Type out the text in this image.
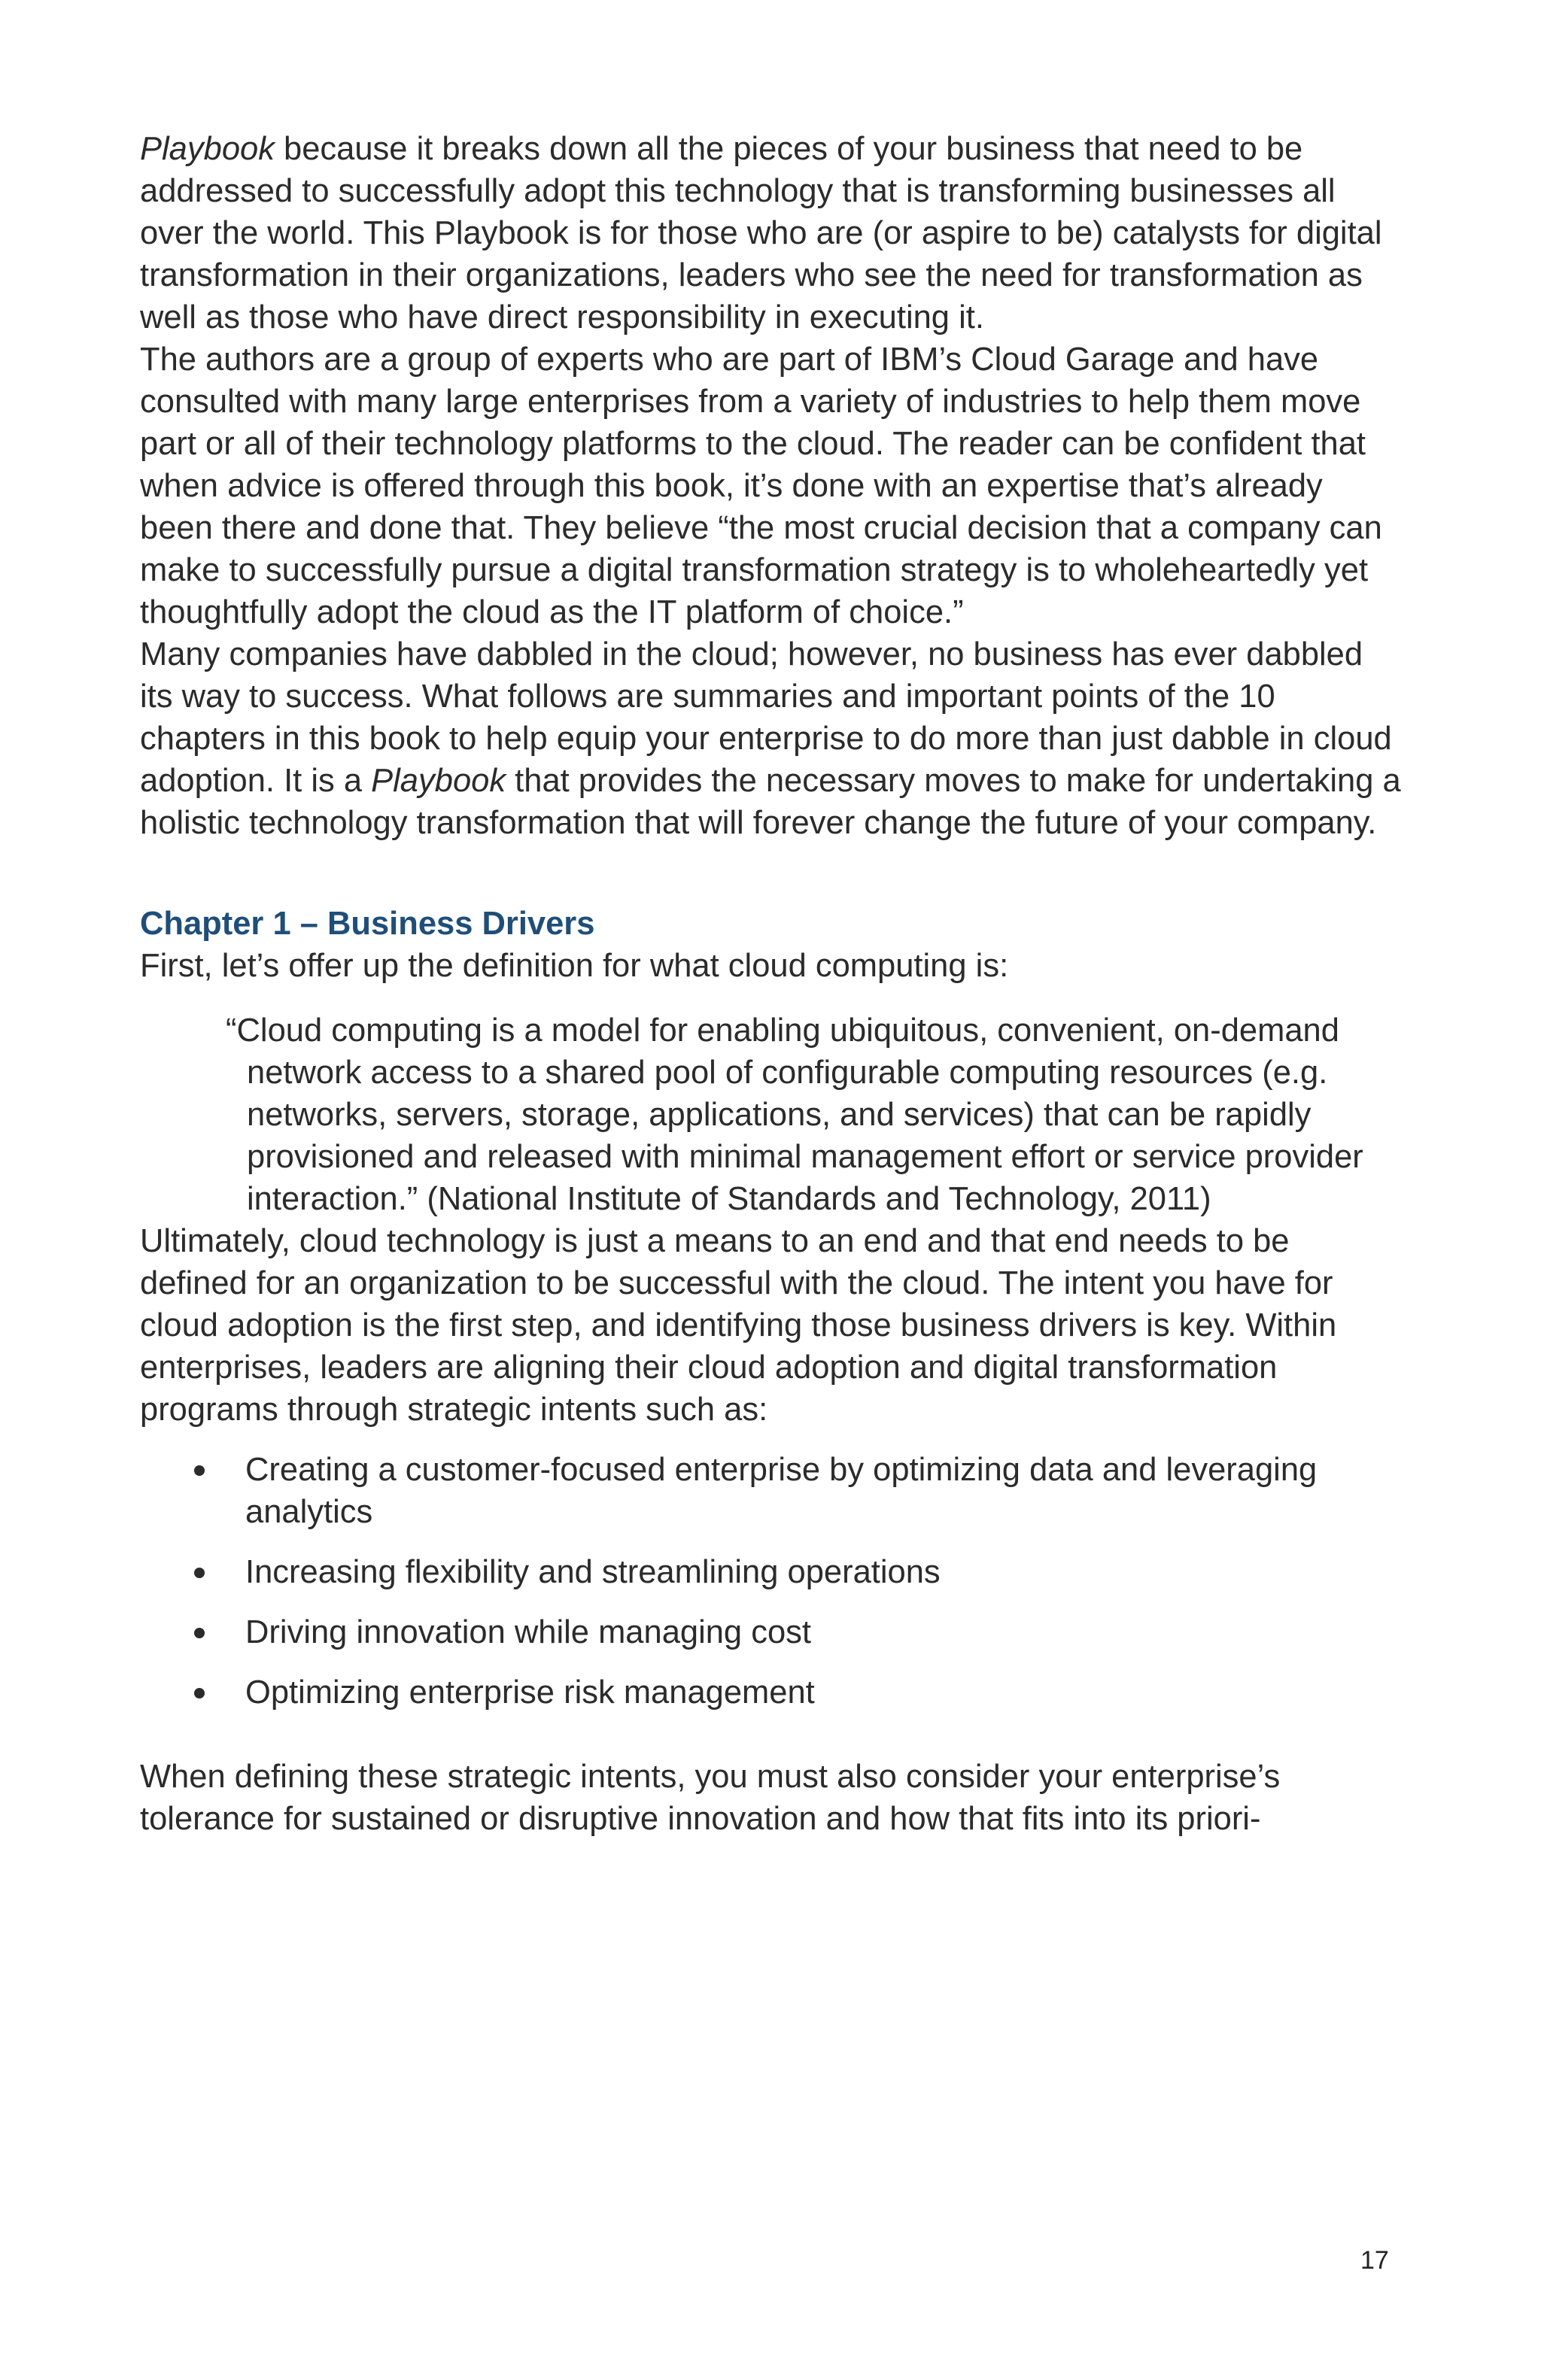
Playbook because it breaks down all the pieces of your business that need to be addressed to successfully adopt this technology that is transforming businesses all over the world. This Playbook is for those who are (or aspire to be) catalysts for digital transformation in their organizations, leaders who see the need for transformation as well as those who have direct responsibility in executing it.

The authors are a group of experts who are part of IBM’s Cloud Garage and have consulted with many large enterprises from a variety of industries to help them move part or all of their technology platforms to the cloud. The reader can be confident that when advice is offered through this book, it’s done with an expertise that’s already been there and done that. They believe “the most crucial decision that a company can make to successfully pursue a digital transformation strategy is to wholeheartedly yet thoughtfully adopt the cloud as the IT platform of choice.”

Many companies have dabbled in the cloud; however, no business has ever dabbled its way to success. What follows are summaries and important points of the 10 chapters in this book to help equip your enterprise to do more than just dabble in cloud adoption. It is a Playbook that provides the necessary moves to make for undertaking a holistic technology transformation that will forever change the future of your company.

Chapter 1 – Business Drivers

First, let’s offer up the definition for what cloud computing is:

“Cloud computing is a model for enabling ubiquitous, convenient, on-demand network access to a shared pool of configurable computing resources (e.g. networks, servers, storage, applications, and services) that can be rapidly provisioned and released with minimal management effort or service provider interaction.” (National Institute of Standards and Technology, 2011)

Ultimately, cloud technology is just a means to an end and that end needs to be defined for an organization to be successful with the cloud. The intent you have for cloud adoption is the first step, and identifying those business drivers is key. Within enterprises, leaders are aligning their cloud adoption and digital transformation programs through strategic intents such as:

Creating a customer-focused enterprise by optimizing data and leveraging analytics
Increasing flexibility and streamlining operations
Driving innovation while managing cost
Optimizing enterprise risk management

When defining these strategic intents, you must also consider your enterprise’s tolerance for sustained or disruptive innovation and how that fits into its priori-

17
